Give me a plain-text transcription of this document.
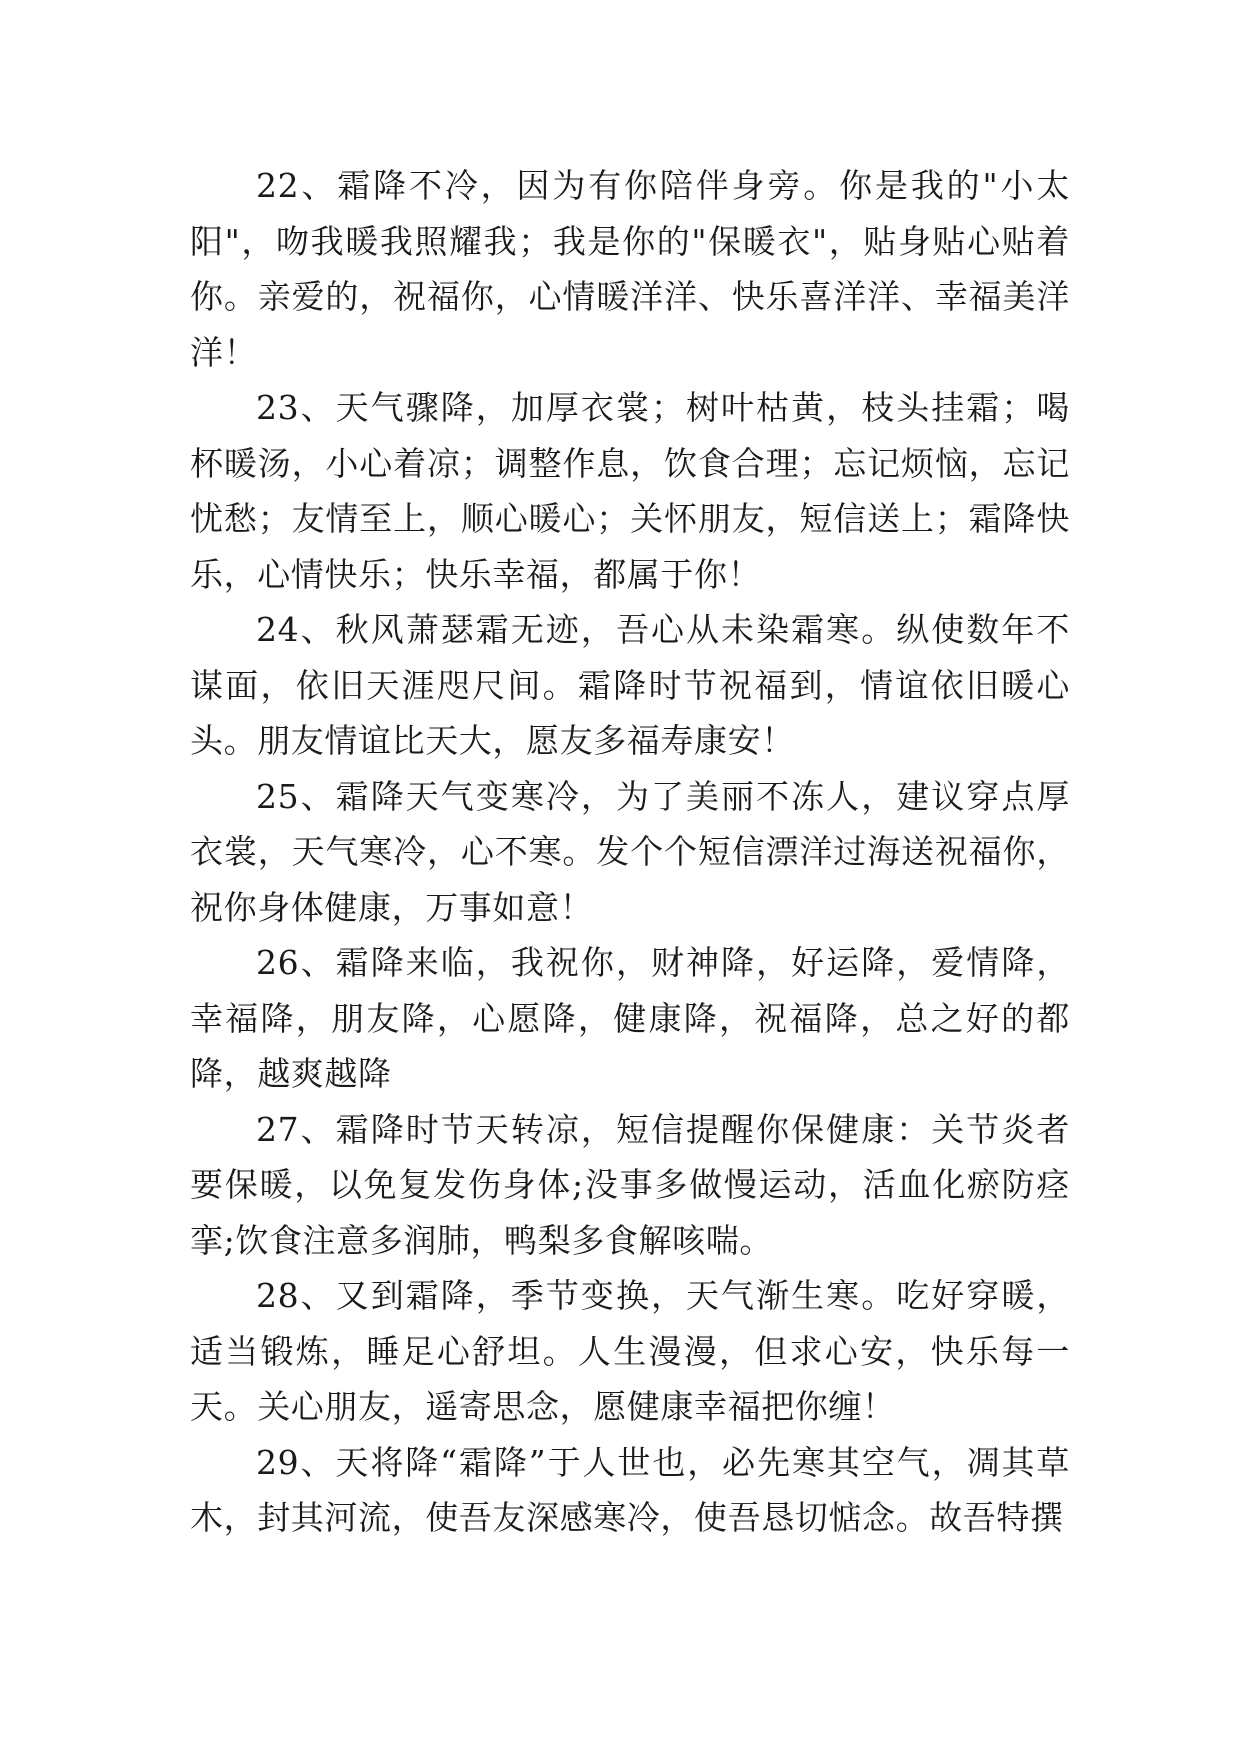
22、霜降不冷，因为有你陪伴身旁。你是我的"小太阳"，吻我暖我照耀我；我是你的"保暖衣"，贴身贴心贴着你。亲爱的，祝福你，心情暖洋洋、快乐喜洋洋、幸福美洋洋！

23、天气骤降，加厚衣裳；树叶枯黄，枝头挂霜；喝杯暖汤，小心着凉；调整作息，饮食合理；忘记烦恼，忘记忧愁；友情至上，顺心暖心；关怀朋友，短信送上；霜降快乐，心情快乐；快乐幸福，都属于你！

24、秋风萧瑟霜无迹，吾心从未染霜寒。纵使数年不谋面，依旧天涯咫尺间。霜降时节祝福到，情谊依旧暖心头。朋友情谊比天大，愿友多福寿康安！

25、霜降天气变寒冷，为了美丽不冻人，建议穿点厚衣裳，天气寒冷，心不寒。发个个短信漂洋过海送祝福你，祝你身体健康，万事如意！

26、霜降来临，我祝你，财神降，好运降，爱情降，幸福降，朋友降，心愿降，健康降，祝福降，总之好的都降，越爽越降

27、霜降时节天转凉，短信提醒你保健康：关节炎者要保暖，以免复发伤身体;没事多做慢运动，活血化瘀防痉挛;饮食注意多润肺，鸭梨多食解咳喘。

28、又到霜降，季节变换，天气渐生寒。吃好穿暖，适当锻炼，睡足心舒坦。人生漫漫，但求心安，快乐每一天。关心朋友，遥寄思念，愿健康幸福把你缠！

29、天将降“霜降”于人世也，必先寒其空气，凋其草木，封其河流，使吾友深感寒冷，使吾恳切惦念。故吾特撰
